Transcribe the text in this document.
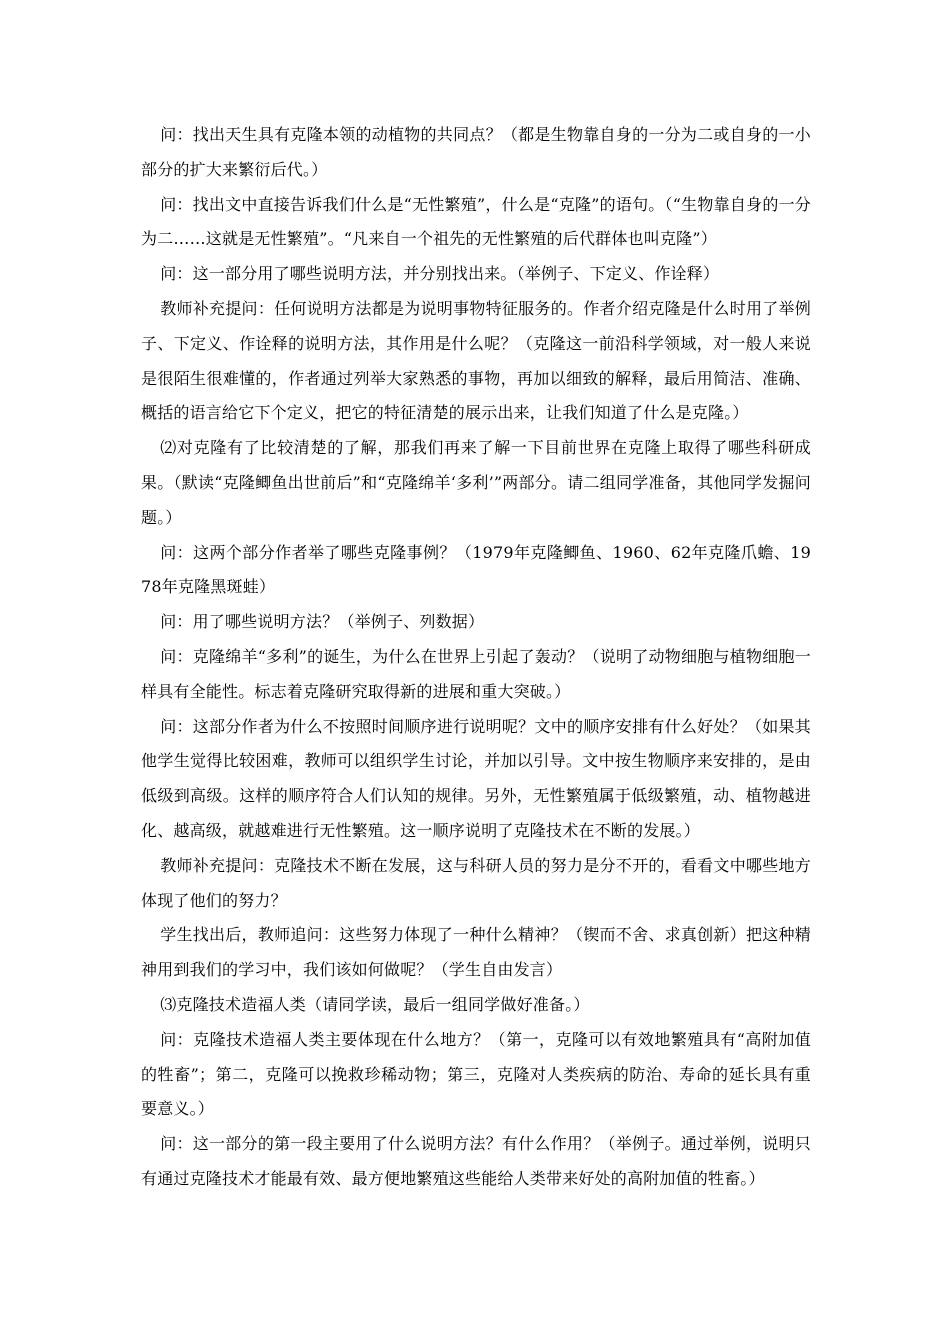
问：找出天生具有克隆本领的动植物的共同点？（都是生物靠自身的一分为二或自身的一小部分的扩大来繁衍后代。）

问：找出文中直接告诉我们什么是“无性繁殖”，什么是“克隆”的语句。（“生物靠自身的一分为二……这就是无性繁殖”。“凡来自一个祖先的无性繁殖的后代群体也叫克隆”）

问：这一部分用了哪些说明方法，并分别找出来。（举例子、下定义、作诠释）

教师补充提问：任何说明方法都是为说明事物特征服务的。作者介绍克隆是什么时用了举例子、下定义、作诠释的说明方法，其作用是什么呢？（克隆这一前沿科学领域，对一般人来说是很陌生很难懂的，作者通过列举大家熟悉的事物，再加以细致的解释，最后用简洁、准确、概括的语言给它下个定义，把它的特征清楚的展示出来，让我们知道了什么是克隆。）

⑵对克隆有了比较清楚的了解，那我们再来了解一下目前世界在克隆上取得了哪些科研成果。（默读“克隆鲫鱼出世前后”和“克隆绵羊‘多利’”两部分。请二组同学准备，其他同学发掘问题。）

问：这两个部分作者举了哪些克隆事例？（1979年克隆鲫鱼、1960、62年克隆爪蟾、1978年克隆黑斑蛙）

问：用了哪些说明方法？（举例子、列数据）

问：克隆绵羊“多利”的诞生，为什么在世界上引起了轰动？（说明了动物细胞与植物细胞一样具有全能性。标志着克隆研究取得新的进展和重大突破。）

问：这部分作者为什么不按照时间顺序进行说明呢？文中的顺序安排有什么好处？（如果其他学生觉得比较困难，教师可以组织学生讨论，并加以引导。文中按生物顺序来安排的，是由低级到高级。这样的顺序符合人们认知的规律。另外，无性繁殖属于低级繁殖，动、植物越进化、越高级，就越难进行无性繁殖。这一顺序说明了克隆技术在不断的发展。）

教师补充提问：克隆技术不断在发展，这与科研人员的努力是分不开的，看看文中哪些地方体现了他们的努力？

学生找出后，教师追问：这些努力体现了一种什么精神？（锲而不舍、求真创新）把这种精神用到我们的学习中，我们该如何做呢？（学生自由发言）

⑶克隆技术造福人类（请同学读，最后一组同学做好准备。）

问：克隆技术造福人类主要体现在什么地方？（第一，克隆可以有效地繁殖具有“高附加值的牲畜”；第二，克隆可以挽救珍稀动物；第三，克隆对人类疾病的防治、寿命的延长具有重要意义。）

问：这一部分的第一段主要用了什么说明方法？有什么作用？（举例子。通过举例，说明只有通过克隆技术才能最有效、最方便地繁殖这些能给人类带来好处的高附加值的牲畜。）
